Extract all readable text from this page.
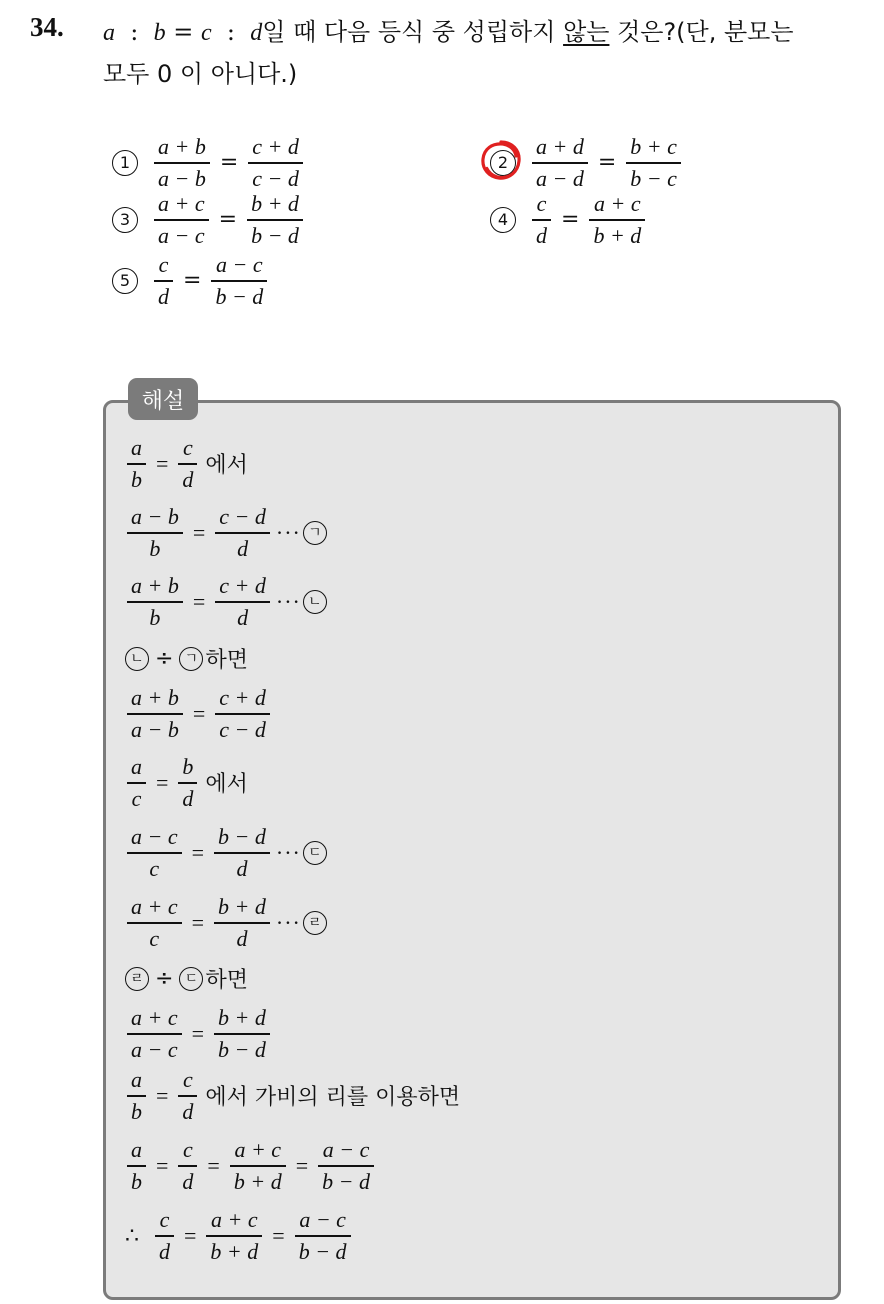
34. a  :  b = c  :  d일 때 다음 등식 중 성립하지 않는 것은?(단, 분모는
모두 0 이 아니다.)
$1 \frac{a + b}{a - b} = \frac{c + d}{c - d}$	$2 \frac{a + d}{a - d} = \frac{b + c}{b - c}$
$3 \frac{a + c}{a - c} = \frac{b + d}{b - d}$	$4 \frac{c}{d} = \frac{a + c}{b + d}$
$5 \frac{c}{d} = \frac{a - c}{b - d}$
해설
$\frac{a}{b} = \frac{c}{d}$ 에서
$\frac{a - b}{b} = \frac{c - d}{d}$ ··· ㄱ
$\frac{a + b}{b} = \frac{c + d}{d}$ ··· ㄴ
ㄴ ÷ ㄱ 하면
$\frac{a + b}{a - b} = \frac{c + d}{c - d}$
$\frac{a}{c} = \frac{b}{d}$ 에서
$\frac{a - c}{c} = \frac{b - d}{d}$ ··· ㄷ
$\frac{a + c}{c} = \frac{b + d}{d}$ ··· ㄹ
ㄹ ÷ ㄷ 하면
$\frac{a + c}{a - c} = \frac{b + d}{b - d}$
$\frac{a}{b} = \frac{c}{d}$ 에서 가비의 리를 이용하면
$\frac{a}{b} = \frac{c}{d} = \frac{a + c}{b + d} = \frac{a - c}{b - d}$
∴ $\frac{c}{d} = \frac{a + c}{b + d} = \frac{a - c}{b - d}$
